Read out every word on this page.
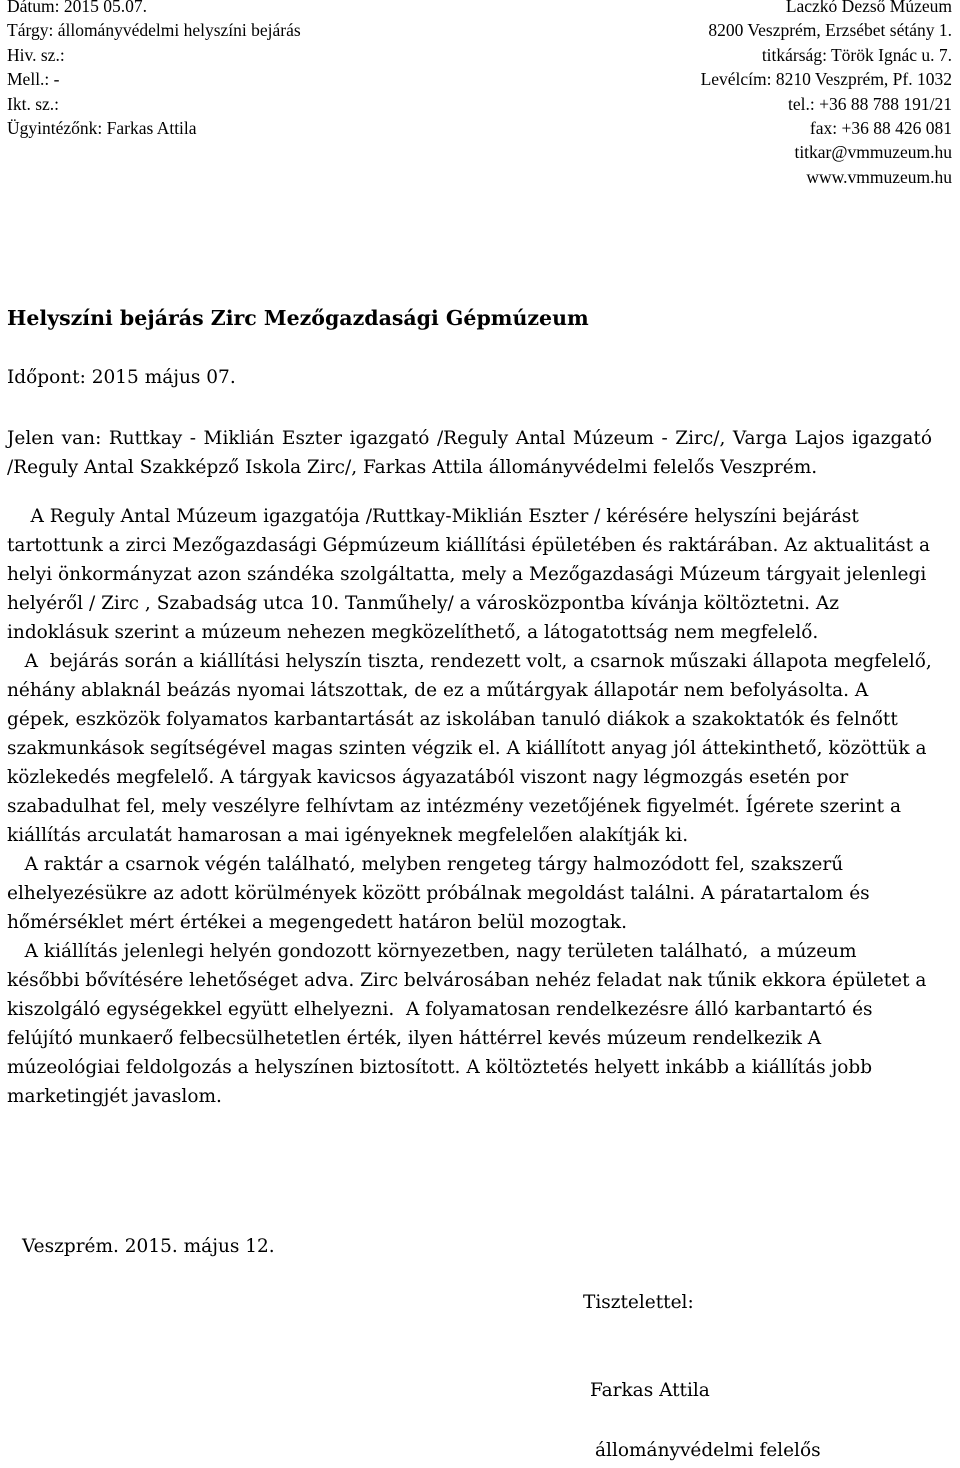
Dátum: 2015 05.07.
Tárgy: állományvédelmi helyszíni bejárás
Hiv. sz.:
Mell.: -
Ikt. sz.:
Ügyintézőnk: Farkas Attila
Laczkó Dezső Múzeum
8200 Veszprém, Erzsébet sétány 1.
titkárság: Török Ignác u. 7.
Levélcím: 8210 Veszprém, Pf. 1032
tel.: +36 88 788 191/21
fax: +36 88 426 081
titkar@vmmuzeum.hu
www.vmmuzeum.hu
Helyszíni bejárás Zirc Mezőgazdasági Gépmúzeum
Időpont: 2015 május 07.

Jelen van: Ruttkay - Miklián Eszter igazgató /Reguly Antal Múzeum - Zirc/, Varga Lajos igazgató /Reguly Antal Szakképző Iskola Zirc/, Farkas Attila állományvédelmi felelős Veszprém.

A Reguly Antal Múzeum igazgatója /Ruttkay-Miklián Eszter / kérésére helyszíni bejárást tartottunk a zirci Mezőgazdasági Gépmúzeum kiállítási épületében és raktárában. Az aktualitást a helyi önkormányzat azon szándéka szolgáltatta, mely a Mezőgazdasági Múzeum tárgyait jelenlegi helyéről / Zirc , Szabadság utca 10. Tanműhely/ a városközpontba kívánja költöztetni. Az indoklásuk szerint a múzeum nehezen megközelíthető, a látogatottság nem megfelelő.
A  bejárás során a kiállítási helyszín tiszta, rendezett volt, a csarnok műszaki állapota megfelelő, néhány ablaknál beázás nyomai látszottak, de ez a műtárgyak állapotár nem befolyásolta. A gépek, eszközök folyamatos karbantartását az iskolában tanuló diákok a szakoktatók és felnőtt szakmunkások segítségével magas szinten végzik el. A kiállított anyag jól áttekinthető, közöttük a közlekedés megfelelő. A tárgyak kavicsos ágyazatából viszont nagy légmozgás esetén por szabadulhat fel, mely veszélyre felhívtam az intézmény vezetőjének figyelmét. Ígérete szerint a kiállítás arculatát hamarosan a mai igényeknek megfelelően alakítják ki.
A raktár a csarnok végén található, melyben rengeteg tárgy halmozódott fel, szakszerű elhelyezésükre az adott körülmények között próbálnak megoldást találni. A páratartalom és hőmérséklet mért értékei a megengedett határon belül mozogtak.
A kiállítás jelenlegi helyén gondozott környezetben, nagy területen található,  a múzeum későbbi bővítésére lehetőséget adva. Zirc belvárosában nehéz feladat nak tűnik ekkora épületet a kiszolgáló egységekkel együtt elhelyezni.  A folyamatosan rendelkezésre álló karbantartó és felújító munkaerő felbecsülhetetlen érték, ilyen háttérrel kevés múzeum rendelkezik A múzeológiai feldolgozás a helyszínen biztosított. A költöztetés helyett inkább a kiállítás jobb marketingjét javaslom.

Veszprém. 2015. május 12.
Tisztelettel:
Farkas Attila
állományvédelmi felelős
